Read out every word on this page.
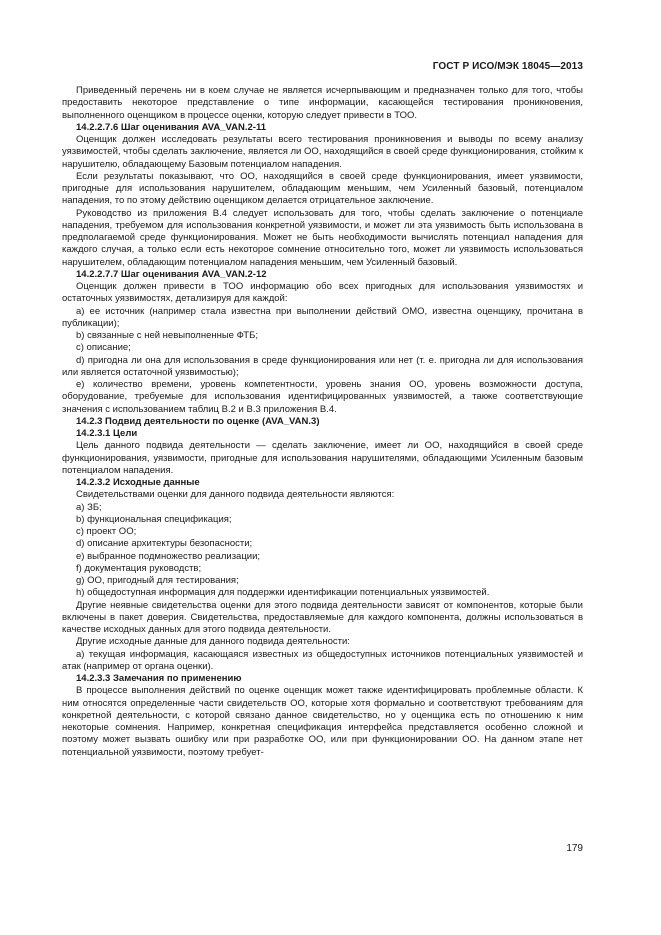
ГОСТ Р ИСО/МЭК 18045—2013

Приведенный перечень ни в коем случае не является исчерпывающим и предназначен только для того, чтобы предоставить некоторое представление о типе информации, касающейся тестирования проникновения, выполненного оценщиком в процессе оценки, которую следует привести в ТОО.

14.2.2.7.6 Шаг оценивания AVA_VAN.2-11

Оценщик должен исследовать результаты всего тестирования проникновения и выводы по всему анализу уязвимостей, чтобы сделать заключение, является ли ОО, находящийся в своей среде функционирования, стойким к нарушителю, обладающему Базовым потенциалом нападения.

Если результаты показывают, что ОО, находящийся в своей среде функционирования, имеет уязвимости, пригодные для использования нарушителем, обладающим меньшим, чем Усиленный базовый, потенциалом нападения, то по этому действию оценщиком делается отрицательное заключение.

Руководство из приложения В.4 следует использовать для того, чтобы сделать заключение о потенциале нападения, требуемом для использования конкретной уязвимости, и может ли эта уязвимость быть использована в предполагаемой среде функционирования. Может не быть необходимости вычислять потенциал нападения для каждого случая, а только если есть некоторое сомнение относительно того, может ли уязвимость использоваться нарушителем, обладающим потенциалом нападения меньшим, чем Усиленный базовый.

14.2.2.7.7 Шаг оценивания AVA_VAN.2-12

Оценщик должен привести в ТОО информацию обо всех пригодных для использования уязвимостях и остаточных уязвимостях, детализируя для каждой:

a) ее источник (например стала известна при выполнении действий ОМО, известна оценщику, прочитана в публикации);

b) связанные с ней невыполненные ФТБ;

c) описание;

d) пригодна ли она для использования в среде функционирования или нет (т. е. пригодна ли для использования или является остаточной уязвимостью);

e) количество времени, уровень компетентности, уровень знания ОО, уровень возможности доступа, оборудование, требуемые для использования идентифицированных уязвимостей, а также соответствующие значения с использованием таблиц В.2 и В.3 приложения В.4.

14.2.3 Подвид деятельности по оценке (AVA_VAN.3)

14.2.3.1 Цели

Цель данного подвида деятельности — сделать заключение, имеет ли ОО, находящийся в своей среде функционирования, уязвимости, пригодные для использования нарушителями, обладающими Усиленным базовым потенциалом нападения.

14.2.3.2 Исходные данные

Свидетельствами оценки для данного подвида деятельности являются:

a) ЗБ;

b) функциональная спецификация;

c) проект ОО;

d) описание архитектуры безопасности;

e) выбранное подмножество реализации;

f) документация руководств;

g) ОО, пригодный для тестирования;

h) общедоступная информация для поддержки идентификации потенциальных уязвимостей.

Другие неявные свидетельства оценки для этого подвида деятельности зависят от компонентов, которые были включены в пакет доверия. Свидетельства, предоставляемые для каждого компонента, должны использоваться в качестве исходных данных для этого подвида деятельности.

Другие исходные данные для данного подвида деятельности:

a) текущая информация, касающаяся известных из общедоступных источников потенциальных уязвимостей и атак (например от органа оценки).

14.2.3.3 Замечания по применению

В процессе выполнения действий по оценке оценщик может также идентифицировать проблемные области. К ним относятся определенные части свидетельств ОО, которые хотя формально и соответствуют требованиям для конкретной деятельности, с которой связано данное свидетельство, но у оценщика есть по отношению к ним некоторые сомнения. Например, конкретная спецификация интерфейса представляется особенно сложной и поэтому может вызвать ошибку или при разработке ОО, или при функционировании ОО. На данном этапе нет потенциальной уязвимости, поэтому требует-

179
